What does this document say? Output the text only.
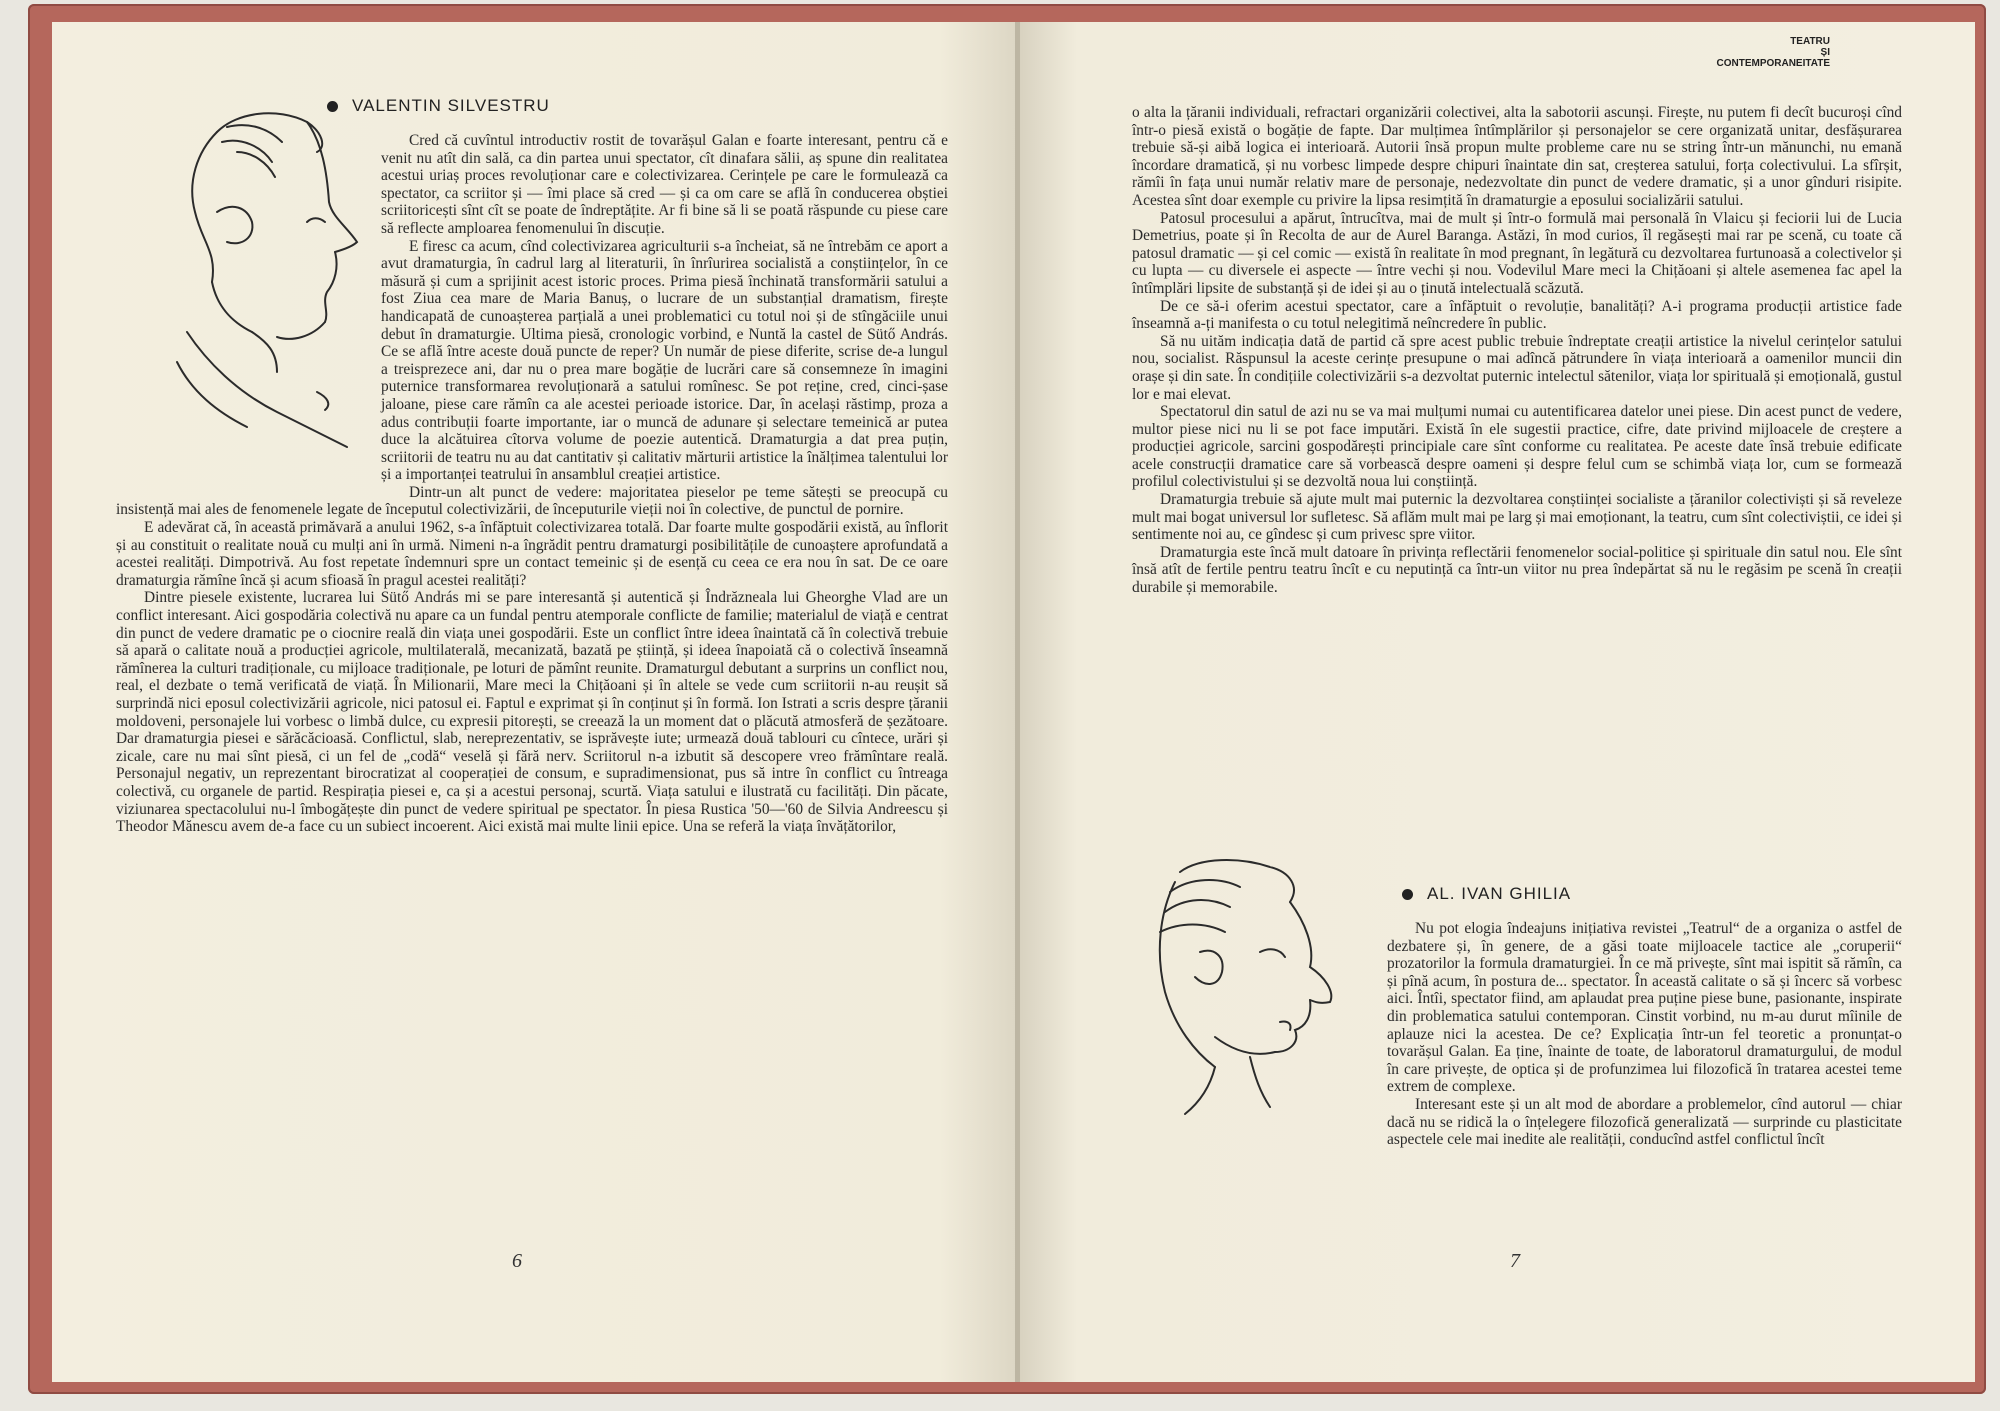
VALENTIN SILVESTRU

Cred că cuvîntul introductiv rostit de tovarășul Galan e foarte interesant, pentru că e venit nu atît din sală, ca din partea unui spectator, cît dinafara sălii, aș spune din realitatea acestui uriaș proces revoluționar care e colectivizarea. Cerințele pe care le formulează ca spectator, ca scriitor și — îmi place să cred — și ca om care se află în conducerea obștiei scriitoricești sînt cît se poate de îndreptățite. Ar fi bine să li se poată răspunde cu piese care să reflecte amploarea fenomenului în discuție.

E firesc ca acum, cînd colectivizarea agriculturii s-a încheiat, să ne întrebăm ce aport a avut dramaturgia, în cadrul larg al literaturii, în înrîurirea socialistă a conștiințelor, în ce măsură și cum a sprijinit acest istoric proces. Prima piesă închinată transformării satului a fost Ziua cea mare de Maria Banuș, o lucrare de un substanțial dramatism, firește handicapată de cunoașterea parțială a unei problematici cu totul noi și de stîngăciile unui debut în dramaturgie. Ultima piesă, cronologic vorbind, e Nuntă la castel de Sütő András. Ce se află între aceste două puncte de reper? Un număr de piese diferite, scrise de-a lungul a treisprezece ani, dar nu o prea mare bogăție de lucrări care să consemneze în imagini puternice transformarea revoluționară a satului romînesc. Se pot reține, cred, cinci-șase jaloane, piese care rămîn ca ale acestei perioade istorice. Dar, în același răstimp, proza a adus contribuții foarte importante, iar o muncă de adunare și selectare temeinică ar putea duce la alcătuirea cîtorva volume de poezie autentică. Dramaturgia a dat prea puțin, scriitorii de teatru nu au dat cantitativ și calitativ mărturii artistice la înălțimea talentului lor și a importanței teatrului în ansamblul creației artistice.

Dintr-un alt punct de vedere: majoritatea pieselor pe teme sătești se preocupă cu insistență mai ales de fenomenele legate de începutul colectivizării, de începuturile vieții noi în colective, de punctul de pornire.

E adevărat că, în această primăvară a anului 1962, s-a înfăptuit colectivizarea totală. Dar foarte multe gospodării există, au înflorit și au constituit o realitate nouă cu mulți ani în urmă. Nimeni n-a îngrădit pentru dramaturgi posibilitățile de cunoaștere aprofundată a acestei realități. Dimpotrivă. Au fost repetate îndemnuri spre un contact temeinic și de esență cu ceea ce era nou în sat. De ce oare dramaturgia rămîne încă și acum sfioasă în pragul acestei realități?

Dintre piesele existente, lucrarea lui Sütő András mi se pare interesantă și autentică și Îndrăzneala lui Gheorghe Vlad are un conflict interesant. Aici gospodăria colectivă nu apare ca un fundal pentru atemporale conflicte de familie; materialul de viață e centrat din punct de vedere dramatic pe o ciocnire reală din viața unei gospodării. Este un conflict între ideea înaintată că în colectivă trebuie să apară o calitate nouă a producției agricole, multilaterală, mecanizată, bazată pe știință, și ideea înapoiată că o colectivă înseamnă rămînerea la culturi tradiționale, cu mijloace tradiționale, pe loturi de pămînt reunite. Dramaturgul debutant a surprins un conflict nou, real, el dezbate o temă verificată de viață. În Milionarii, Mare meci la Chițăoani și în altele se vede cum scriitorii n-au reușit să surprindă nici eposul colectivizării agricole, nici patosul ei. Faptul e exprimat și în conținut și în formă. Ion Istrati a scris despre țăranii moldoveni, personajele lui vorbesc o limbă dulce, cu expresii pitorești, se creează la un moment dat o plăcută atmosferă de șezătoare. Dar dramaturgia piesei e sărăcăcioasă. Conflictul, slab, nereprezentativ, se isprăvește iute; urmează două tablouri cu cîntece, urări și zicale, care nu mai sînt piesă, ci un fel de „codă“ veselă și fără nerv. Scriitorul n-a izbutit să descopere vreo frămîntare reală. Personajul negativ, un reprezentant birocratizat al cooperației de consum, e supradimensionat, pus să intre în conflict cu întreaga colectivă, cu organele de partid. Respirația piesei e, ca și a acestui personaj, scurtă. Viața satului e ilustrată cu facilități. Din păcate, viziunarea spectacolului nu-l îmbogățește din punct de vedere spiritual pe spectator. În piesa Rustica '50—'60 de Silvia Andreescu și Theodor Mănescu avem de-a face cu un subiect incoerent. Aici există mai multe linii epice. Una se referă la viața învățătorilor,

6
TEATRU
ȘI
CONTEMPORANEITATE

o alta la țăranii individuali, refractari organizării colectivei, alta la sabotorii ascunși. Firește, nu putem fi decît bucuroși cînd într-o piesă există o bogăție de fapte. Dar mulțimea întîmplărilor și personajelor se cere organizată unitar, desfășurarea trebuie să-și aibă logica ei interioară. Autorii însă propun multe probleme care nu se string într-un mănunchi, nu emană încordare dramatică, și nu vorbesc limpede despre chipuri înaintate din sat, creșterea satului, forța colectivului. La sfîrșit, rămîi în fața unui număr relativ mare de personaje, nedezvoltate din punct de vedere dramatic, și a unor gînduri risipite. Acestea sînt doar exemple cu privire la lipsa resimțită în dramaturgie a eposului socializării satului.

Patosul procesului a apărut, întrucîtva, mai de mult și într-o formulă mai personală în Vlaicu și feciorii lui de Lucia Demetrius, poate și în Recolta de aur de Aurel Baranga. Astăzi, în mod curios, îl regăsești mai rar pe scenă, cu toate că patosul dramatic — și cel comic — există în realitate în mod pregnant, în legătură cu dezvoltarea furtunoasă a colectivelor și cu lupta — cu diversele ei aspecte — între vechi și nou. Vodevilul Mare meci la Chițăoani și altele asemenea fac apel la întîmplări lipsite de substanță și de idei și au o ținută intelectuală scăzută.

De ce să-i oferim acestui spectator, care a înfăptuit o revoluție, banalități? A-i programa producții artistice fade înseamnă a-ți manifesta o cu totul nelegitimă neîncredere în public.

Să nu uităm indicația dată de partid că spre acest public trebuie îndreptate creații artistice la nivelul cerințelor satului nou, socialist. Răspunsul la aceste cerințe presupune o mai adîncă pătrundere în viața interioară a oamenilor muncii din orașe și din sate. În condițiile colectivizării s-a dezvoltat puternic intelectul sătenilor, viața lor spirituală și emoțională, gustul lor e mai elevat.

Spectatorul din satul de azi nu se va mai mulțumi numai cu autentificarea datelor unei piese. Din acest punct de vedere, multor piese nici nu li se pot face imputări. Există în ele sugestii practice, cifre, date privind mijloacele de creștere a producției agricole, sarcini gospodărești principiale care sînt conforme cu realitatea. Pe aceste date însă trebuie edificate acele construcții dramatice care să vorbească despre oameni și despre felul cum se schimbă viața lor, cum se formează profilul colectivistului și se dezvoltă noua lui conștiință.

Dramaturgia trebuie să ajute mult mai puternic la dezvoltarea conștiinței socialiste a țăranilor colectiviști și să reveleze mult mai bogat universul lor sufletesc. Să aflăm mult mai pe larg și mai emoționant, la teatru, cum sînt colectiviștii, ce idei și sentimente noi au, ce gîndesc și cum privesc spre viitor.

Dramaturgia este încă mult datoare în privința reflectării fenomenelor social-politice și spirituale din satul nou. Ele sînt însă atît de fertile pentru teatru încît e cu neputință ca într-un viitor nu prea îndepărtat să nu le regăsim pe scenă în creații durabile și memorabile.

AL. IVAN GHILIA

Nu pot elogia îndeajuns inițiativa revistei „Teatrul“ de a organiza o astfel de dezbatere și, în genere, de a găsi toate mijloacele tactice ale „coruperii“ prozatorilor la formula dramaturgiei. În ce mă privește, sînt mai ispitit să rămîn, ca și pînă acum, în postura de... spectator. În această calitate o să și încerc să vorbesc aici. Întîi, spectator fiind, am aplaudat prea puține piese bune, pasionante, inspirate din problematica satului contemporan. Cinstit vorbind, nu m-au durut mîinile de aplauze nici la acestea. De ce? Explicația într-un fel teoretic a pronunțat-o tovarășul Galan. Ea ține, înainte de toate, de laboratorul dramaturgului, de modul în care privește, de optica și de profunzimea lui filozofică în tratarea acestei teme extrem de complexe.

Interesant este și un alt mod de abordare a problemelor, cînd autorul — chiar dacă nu se ridică la o înțelegere filozofică generalizată — surprinde cu plasticitate aspectele cele mai inedite ale realității, conducînd astfel conflictul încît

7
